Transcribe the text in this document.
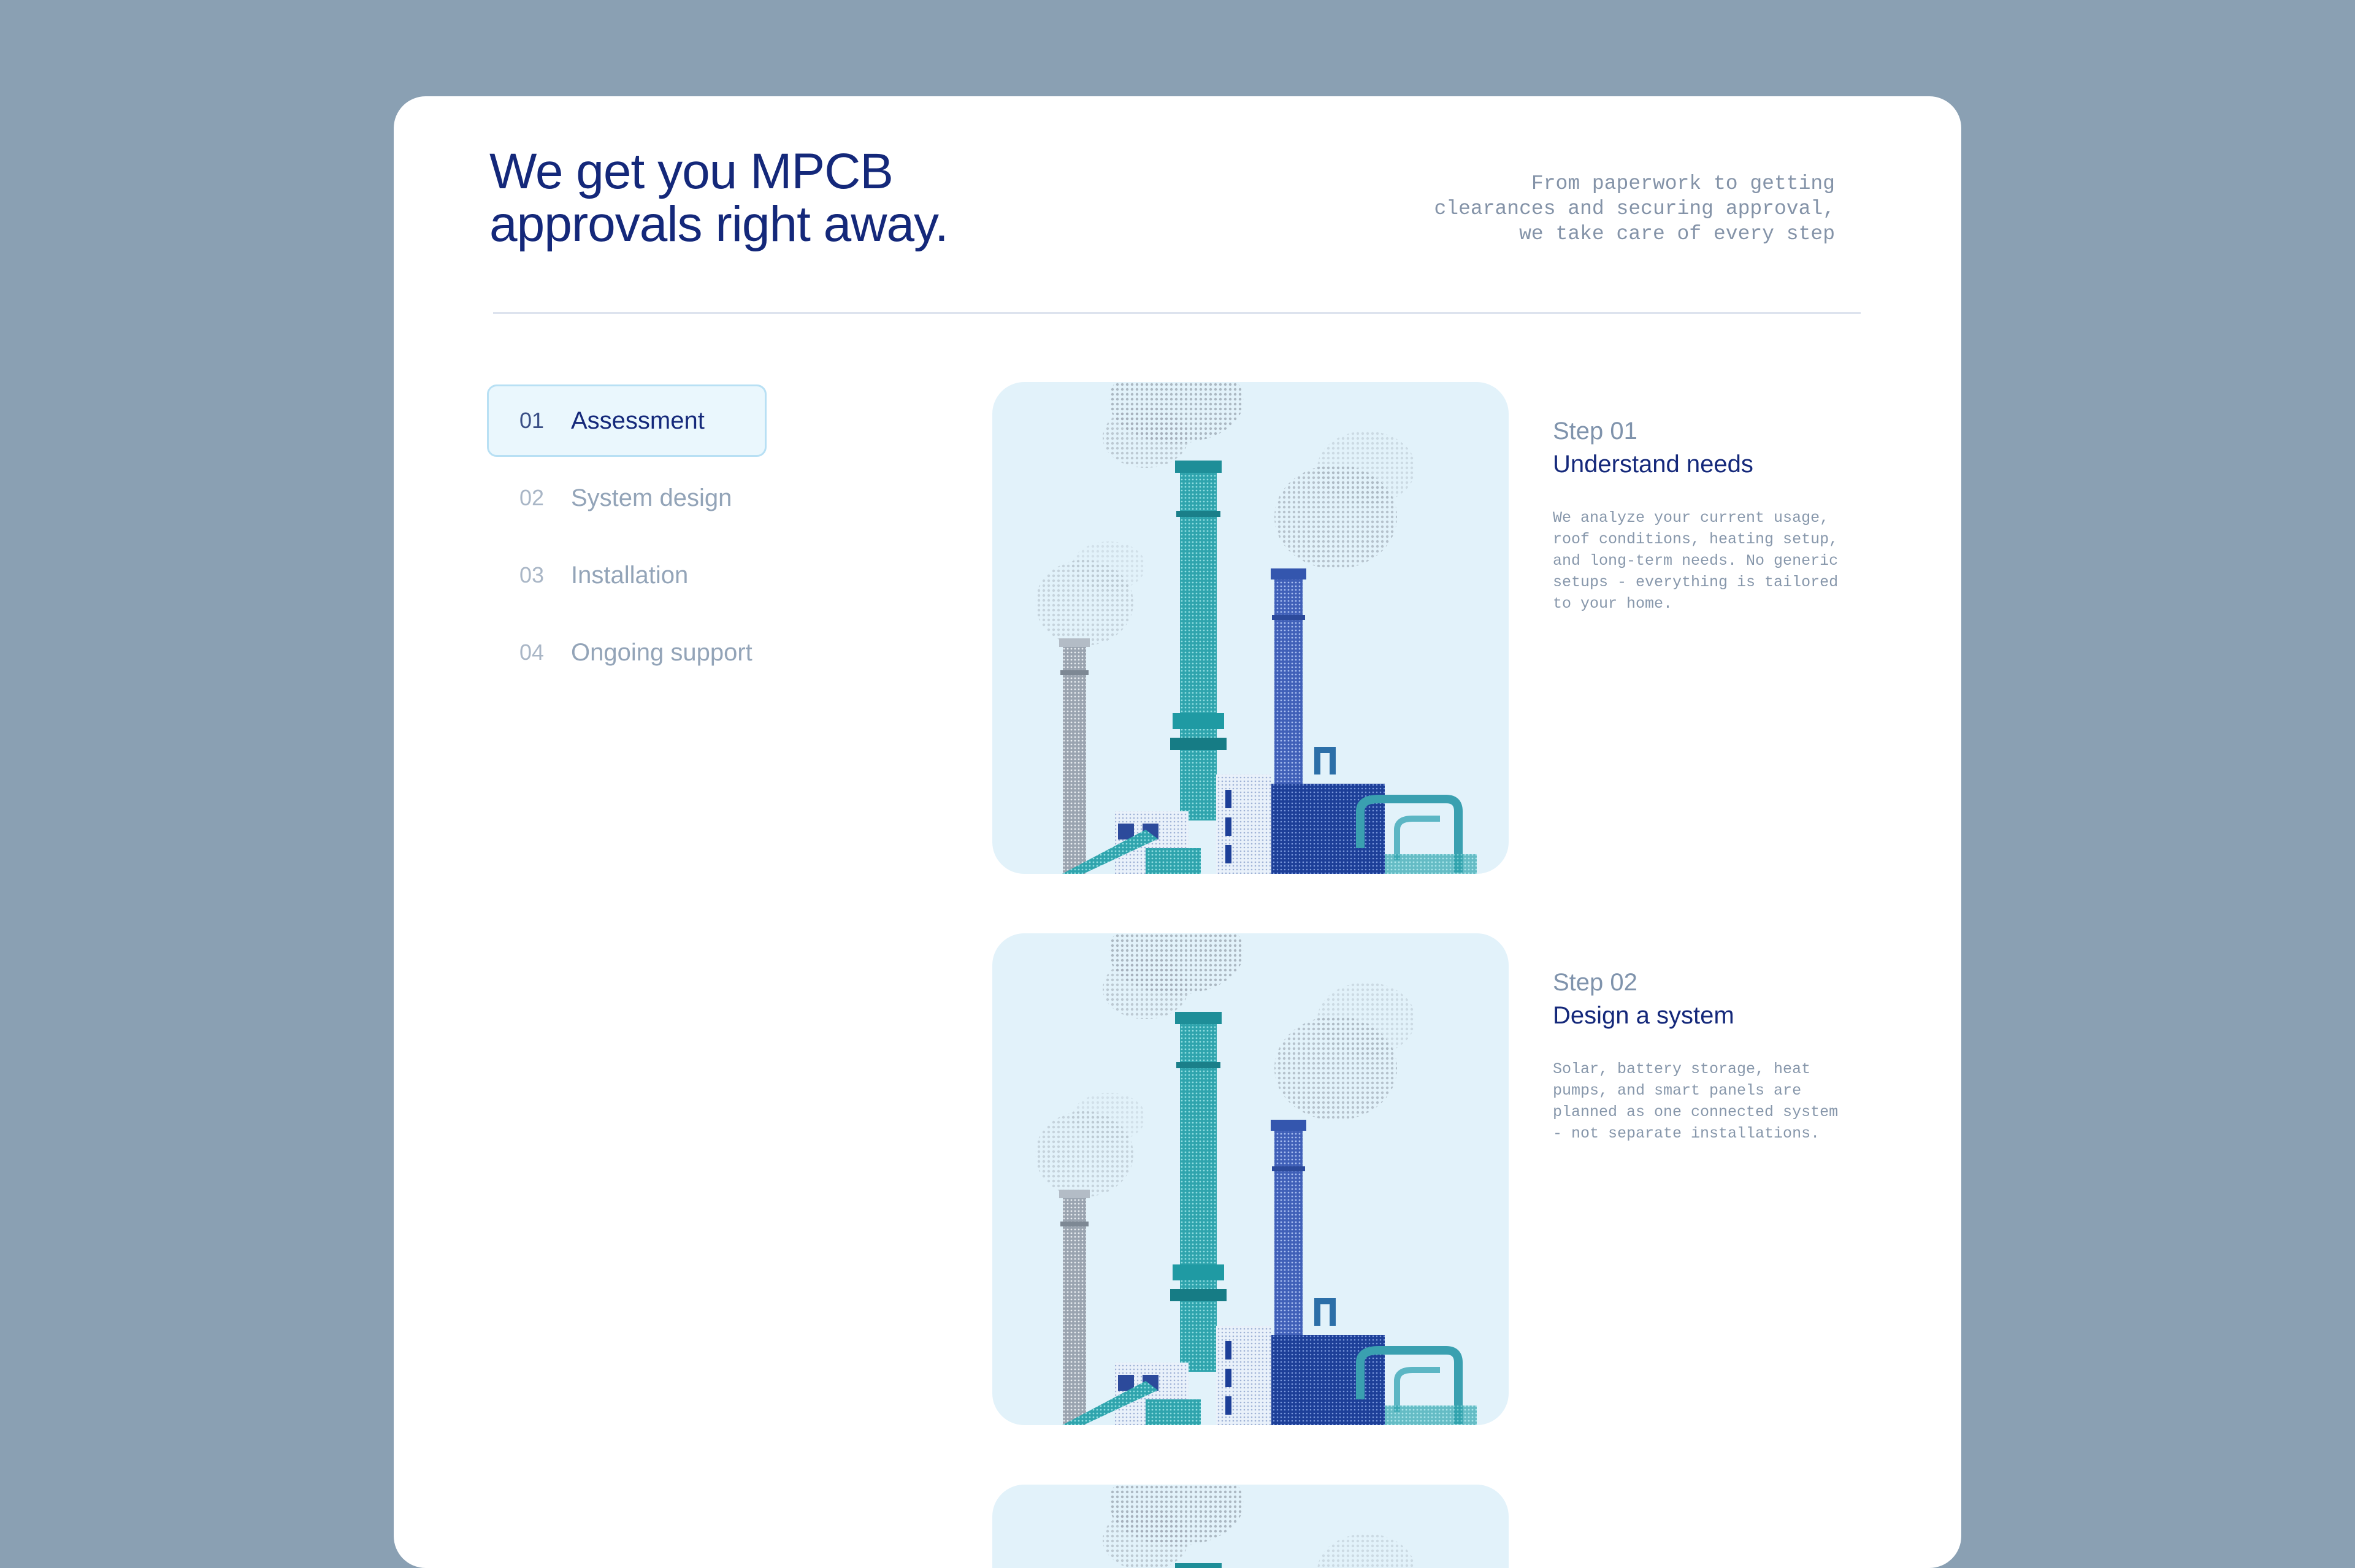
We get you MPCB
approvals right away.

From paperwork to getting
clearances and securing approval,
we take care of every step

01	Assessment
02	System design
03	Installation
04	Ongoing support
Step 01
Understand needs
We analyze your current usage, roof conditions, heating setup, and long-term needs. No generic setups - everything is tailored to your home.
Step 02
Design a system
Solar, battery storage, heat pumps, and smart panels are planned as one connected system - not separate installations.
